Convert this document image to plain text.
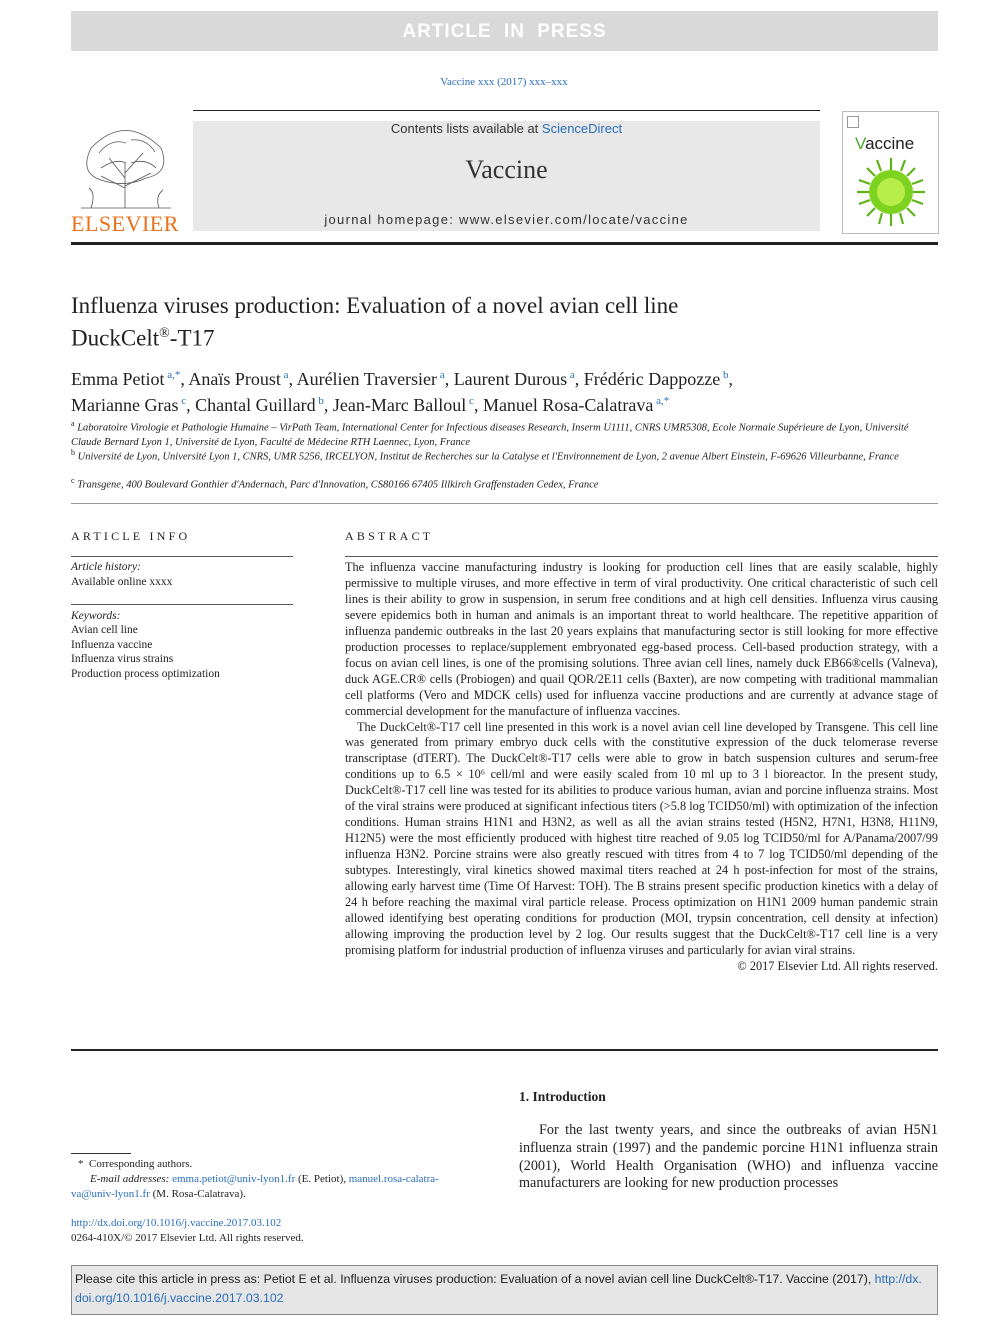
ARTICLE IN PRESS
Vaccine xxx (2017) xxx–xxx
ELSEVIER
Contents lists available at ScienceDirect
Vaccine
journal homepage: www.elsevier.com/locate/vaccine
Vaccine
Influenza viruses production: Evaluation of a novel avian cell line
DuckCelt®-T17
Emma Petiot $^{a,*}$, Anaïs Proust $^a$, Aurélien Traversier $^a$, Laurent Durous $^a$, Frédéric Dappozze $^b$,
Marianne Gras $^c$, Chantal Guillard $^b$, Jean-Marc Balloul $^c$, Manuel Rosa-Calatrava $^{a,*}$
$^a$ Laboratoire Virologie et Pathologie Humaine – VirPath Team, International Center for Infectious diseases Research, Inserm U1111, CNRS UMR5308, Ecole Normale Supérieure de Lyon, Université Claude Bernard Lyon 1, Université de Lyon, Faculté de Médecine RTH Laennec, Lyon, France
$^b$ Université de Lyon, Université Lyon 1, CNRS, UMR 5256, IRCELYON, Institut de Recherches sur la Catalyse et l'Environnement de Lyon, 2 avenue Albert Einstein, F-69626 Villeurbanne, France
$^c$ Transgene, 400 Boulevard Gonthier d'Andernach, Parc d'Innovation, CS80166 67405 Illkirch Graffenstaden Cedex, France
ARTICLE INFO
Article history:
Available online xxxx
Keywords:
Avian cell line
Influenza vaccine
Influenza virus strains
Production process optimization
ABSTRACT

The influenza vaccine manufacturing industry is looking for production cell lines that are easily scalable, highly permissive to multiple viruses, and more effective in term of viral productivity. One critical characteristic of such cell lines is their ability to grow in suspension, in serum free conditions and at high cell densities. Influenza virus causing severe epidemics both in human and animals is an important threat to world healthcare. The repetitive apparition of influenza pandemic outbreaks in the last 20 years explains that manufacturing sector is still looking for more effective production processes to replace/supplement embryonated egg-based process. Cell-based production strategy, with a focus on avian cell lines, is one of the promising solutions. Three avian cell lines, namely duck EB66®cells (Valneva), duck AGE.CR® cells (Probiogen) and quail QOR/2E11 cells (Baxter), are now competing with traditional mammalian cell platforms (Vero and MDCK cells) used for influenza vaccine productions and are currently at advance stage of commercial development for the manufacture of influenza vaccines.

The DuckCelt®-T17 cell line presented in this work is a novel avian cell line developed by Transgene. This cell line was generated from primary embryo duck cells with the constitutive expression of the duck telomerase reverse transcriptase (dTERT). The DuckCelt®-T17 cells were able to grow in batch suspension cultures and serum-free conditions up to 6.5 × 10⁶ cell/ml and were easily scaled from 10 ml up to 3 l bioreactor. In the present study, DuckCelt®-T17 cell line was tested for its abilities to produce various human, avian and porcine influenza strains. Most of the viral strains were produced at significant infectious titers (>5.8 log TCID50/ml) with optimization of the infection conditions. Human strains H1N1 and H3N2, as well as all the avian strains tested (H5N2, H7N1, H3N8, H11N9, H12N5) were the most efficiently produced with highest titre reached of 9.05 log TCID50/ml for A/Panama/2007/99 influenza H3N2. Porcine strains were also greatly rescued with titres from 4 to 7 log TCID50/ml depending of the subtypes. Interestingly, viral kinetics showed maximal titers reached at 24 h post-infection for most of the strains, allowing early harvest time (Time Of Harvest: TOH). The B strains present specific production kinetics with a delay of 24 h before reaching the maximal viral particle release. Process optimization on H1N1 2009 human pandemic strain allowed identifying best operating conditions for production (MOI, trypsin concentration, cell density at infection) allowing improving the production level by 2 log. Our results suggest that the DuckCelt®-T17 cell line is a very promising platform for industrial production of influenza viruses and particularly for avian viral strains.

© 2017 Elsevier Ltd. All rights reserved.

1. Introduction
For the last twenty years, and since the outbreaks of avian H5N1 influenza strain (1997) and the pandemic porcine H1N1 influenza strain (2001), World Health Organisation (WHO) and influenza vaccine manufacturers are looking for new production processes
* Corresponding authors.
E-mail addresses: emma.petiot@univ-lyon1.fr (E. Petiot), manuel.rosa-calatra-
va@univ-lyon1.fr (M. Rosa-Calatrava).
http://dx.doi.org/10.1016/j.vaccine.2017.03.102
0264-410X/© 2017 Elsevier Ltd. All rights reserved.
Please cite this article in press as: Petiot E et al. Influenza viruses production: Evaluation of a novel avian cell line DuckCelt®-T17. Vaccine (2017), http://dx.
doi.org/10.1016/j.vaccine.2017.03.102
